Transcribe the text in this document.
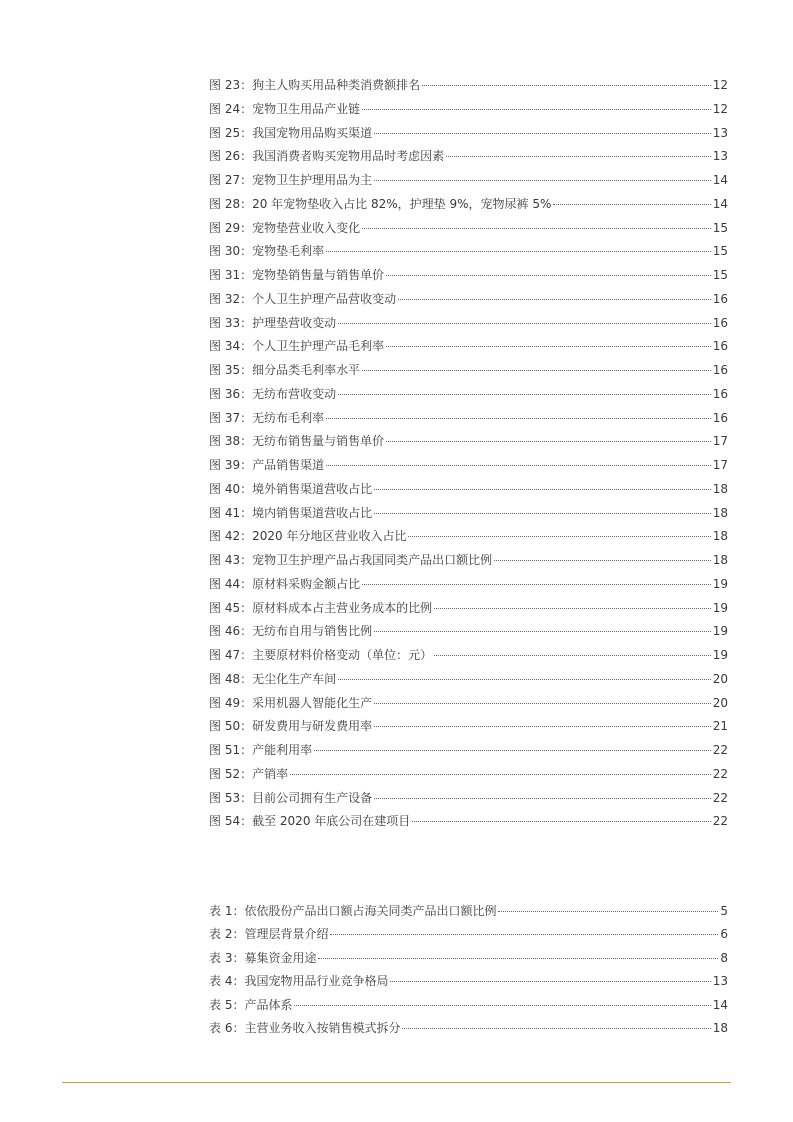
图 23： 狗主人购买用品种类消费额排名	12
图 24： 宠物卫生用品产业链	12
图 25： 我国宠物用品购买渠道	13
图 26： 我国消费者购买宠物用品时考虑因素	13
图 27： 宠物卫生护理用品为主	14
图 28： 20 年宠物垫收入占比 82%，护理垫 9%，宠物尿裤 5%	14
图 29： 宠物垫营业收入变化	15
图 30： 宠物垫毛利率	15
图 31： 宠物垫销售量与销售单价	15
图 32： 个人卫生护理产品营收变动	16
图 33： 护理垫营收变动	16
图 34： 个人卫生护理产品毛利率	16
图 35： 细分品类毛利率水平	16
图 36： 无纺布营收变动	16
图 37： 无纺布毛利率	16
图 38： 无纺布销售量与销售单价	17
图 39： 产品销售渠道	17
图 40： 境外销售渠道营收占比	18
图 41： 境内销售渠道营收占比	18
图 42： 2020 年分地区营业收入占比	18
图 43： 宠物卫生护理产品占我国同类产品出口额比例	18
图 44： 原材料采购金额占比	19
图 45： 原材料成本占主营业务成本的比例	19
图 46： 无纺布自用与销售比例	19
图 47： 主要原材料价格变动（单位：元）	19
图 48： 无尘化生产车间	20
图 49： 采用机器人智能化生产	20
图 50： 研发费用与研发费用率	21
图 51： 产能利用率	22
图 52： 产销率	22
图 53： 目前公司拥有生产设备	22
图 54： 截至 2020 年底公司在建项目	22
表 1： 依依股份产品出口额占海关同类产品出口额比例	5
表 2： 管理层背景介绍	6
表 3： 募集资金用途	8
表 4： 我国宠物用品行业竞争格局	13
表 5： 产品体系	14
表 6： 主营业务收入按销售模式拆分	18
